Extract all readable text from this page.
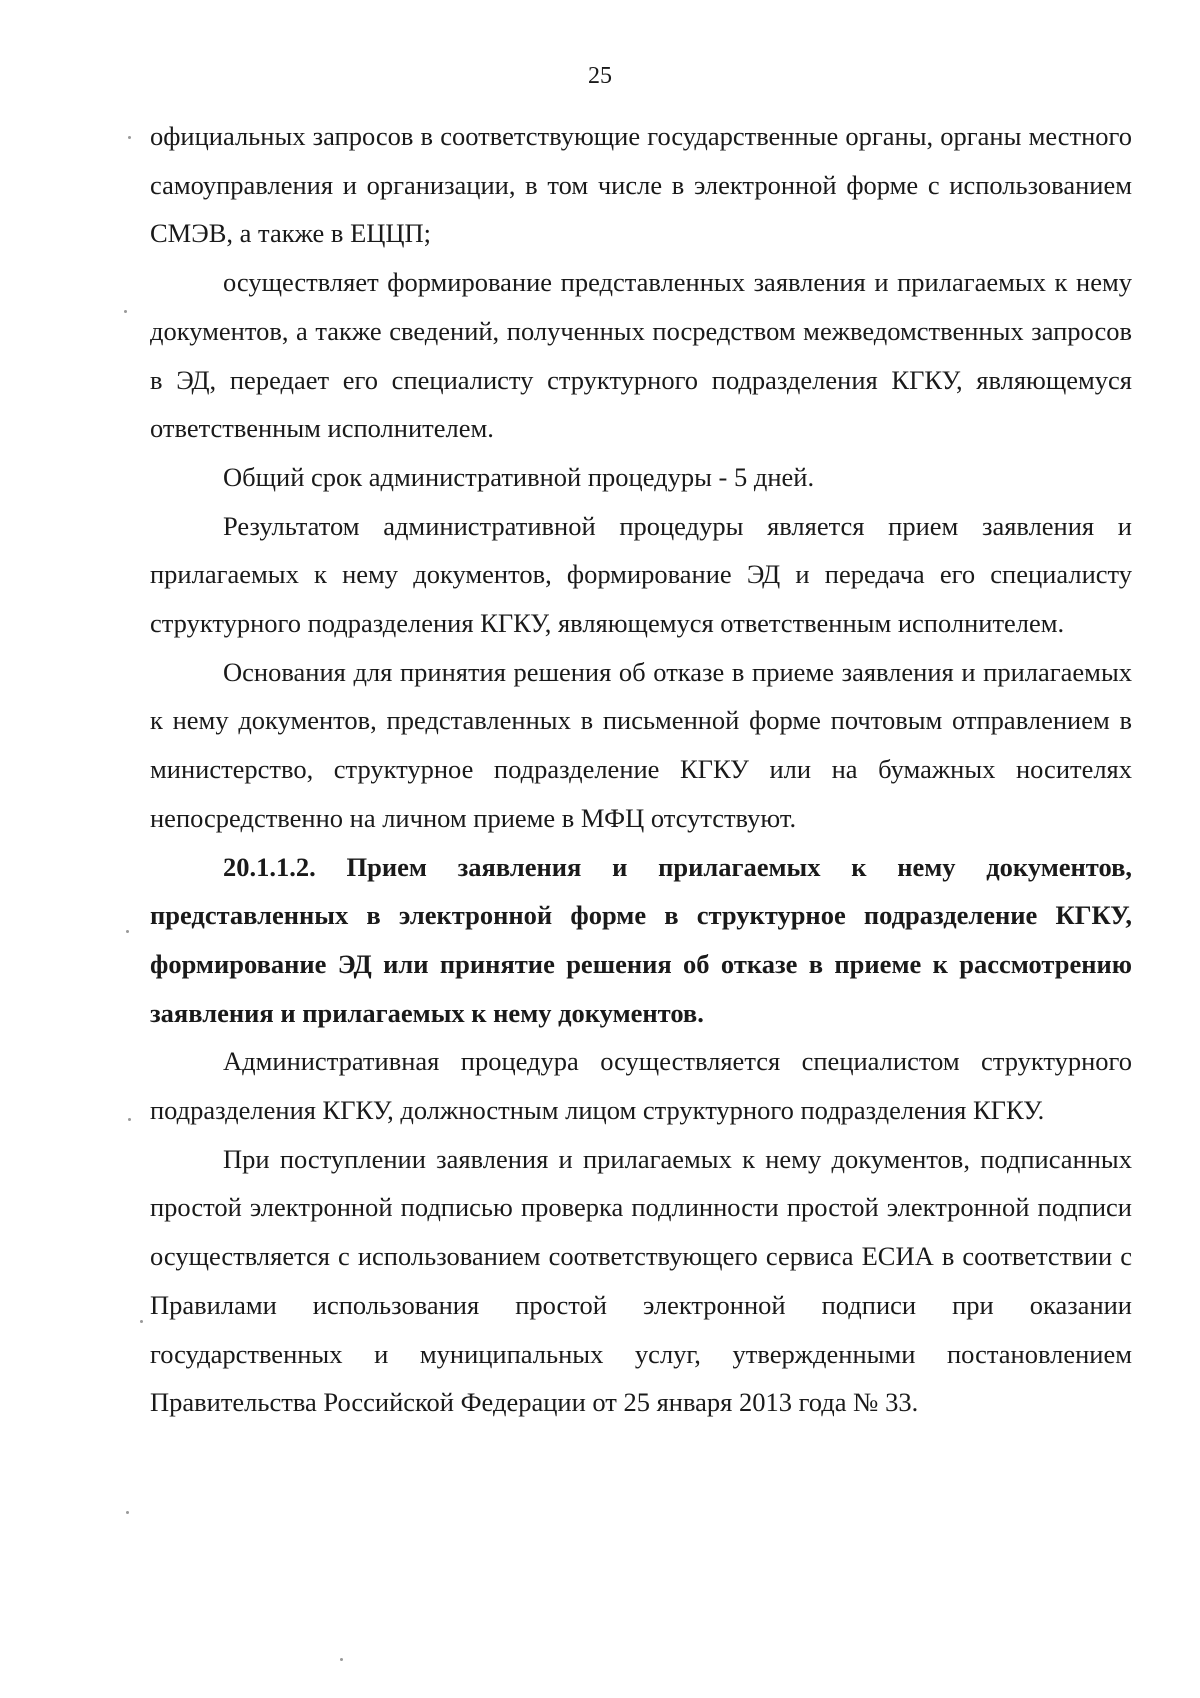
25

официальных запросов в соответствующие государственные органы, органы местного самоуправления и организации, в том числе в электронной форме с использованием СМЭВ, а также в ЕЦЦП;

осуществляет формирование представленных заявления и прилагаемых к нему документов, а также сведений, полученных посредством межведомственных запросов в ЭД, передает его специалисту структурного подразделения КГКУ, являющемуся ответственным исполнителем.

Общий срок административной процедуры - 5 дней.

Результатом административной процедуры является прием заявления и прилагаемых к нему документов, формирование ЭД и передача его специалисту структурного подразделения КГКУ, являющемуся ответственным исполнителем.

Основания для принятия решения об отказе в приеме заявления и прилагаемых к нему документов, представленных в письменной форме почтовым отправлением в министерство, структурное подразделение КГКУ или на бумажных носителях непосредственно на личном приеме в МФЦ отсутствуют.

20.1.1.2. Прием заявления и прилагаемых к нему документов, представленных в электронной форме в структурное подразделение КГКУ, формирование ЭД или принятие решения об отказе в приеме к рассмотрению заявления и прилагаемых к нему документов.

Административная процедура осуществляется специалистом структурного подразделения КГКУ, должностным лицом структурного подразделения КГКУ.

При поступлении заявления и прилагаемых к нему документов, подписанных простой электронной подписью проверка подлинности простой электронной подписи осуществляется с использованием соответствующего сервиса ЕСИА в соответствии с Правилами использования простой электронной подписи при оказании государственных и муниципальных услуг, утвержденными постановлением Правительства Российской Федерации от 25 января 2013 года № 33.
